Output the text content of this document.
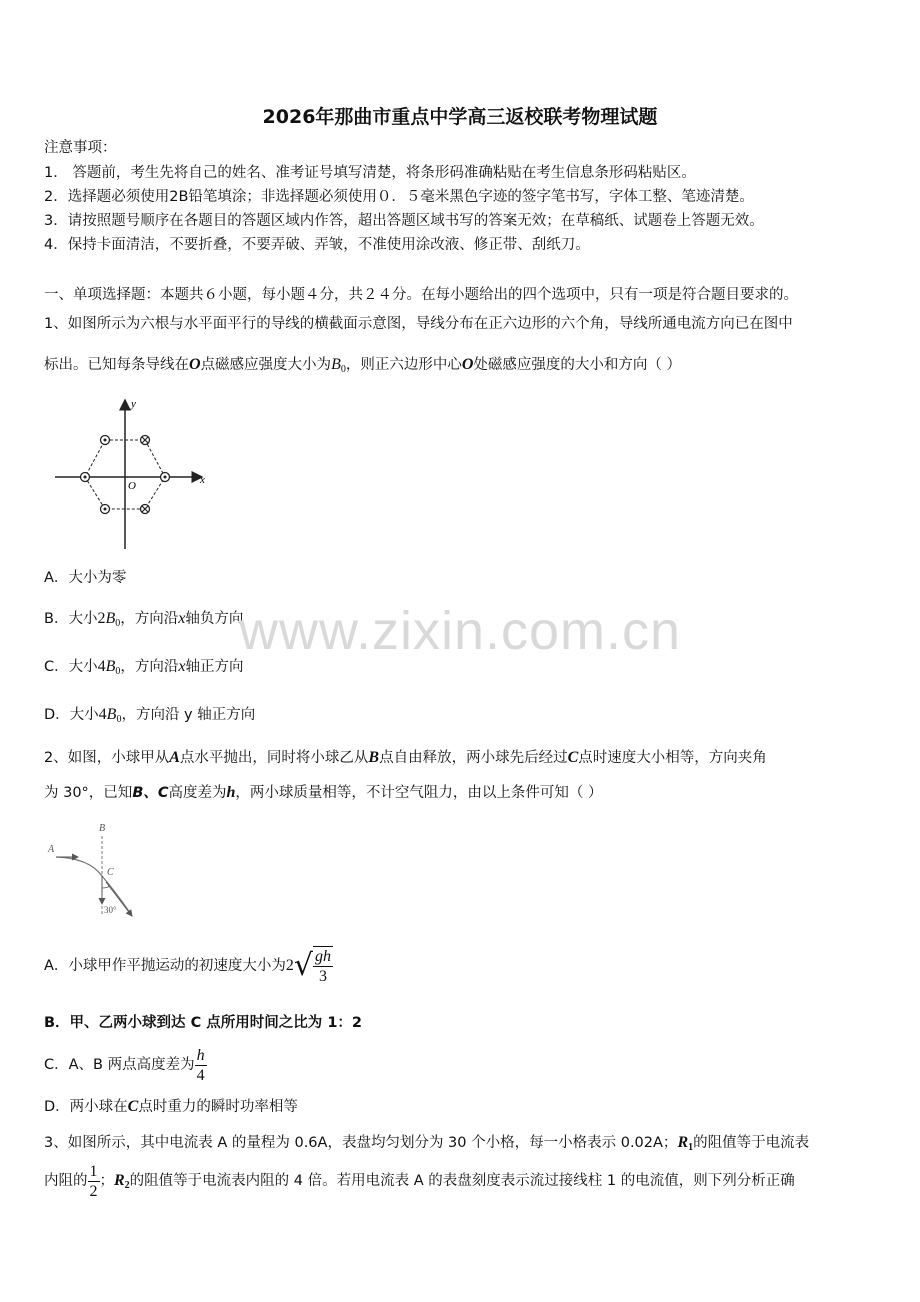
2026年那曲市重点中学高三返校联考物理试题
注意事项：
1． 答题前，考生先将自己的姓名、准考证号填写清楚，将条形码准确粘贴在考生信息条形码粘贴区。
2．选择题必须使用2B铅笔填涂；非选择题必须使用０．５毫米黑色字迹的签字笔书写，字体工整、笔迹清楚。
3．请按照题号顺序在各题目的答题区域内作答，超出答题区域书写的答案无效；在草稿纸、试题卷上答题无效。
4．保持卡面清洁，不要折叠，不要弄破、弄皱，不准使用涂改液、修正带、刮纸刀。
一、单项选择题：本题共６小题，每小题４分，共２４分。在每小题给出的四个选项中，只有一项是符合题目要求的。
1、如图所示为六根与水平面平行的导线的横截面示意图，导线分布在正六边形的六个角，导线所通电流方向已在图中
标出。已知每条导线在O点磁感应强度大小为$B_0$，则正六边形中心O处磁感应强度的大小和方向（ ）
y
x
O
A．大小为零
B．大小$2B_0$，方向沿x轴负方向
C．大小$4B_0$，方向沿x轴正方向
D．大小$4B_0$，方向沿 y 轴正方向
2、如图，小球甲从A点水平抛出，同时将小球乙从B点自由释放，两小球先后经过C点时速度大小相等，方向夹角
为 30°，已知B、C高度差为h，两小球质量相等，不计空气阻力，由以上条件可知（ ）
B
A
C
30°
A．小球甲作平抛运动的初速度大小为$2√ \frac{gh}{3}$
B．甲、乙两小球到达 C 点所用时间之比为 1：2
C．A、B 两点高度差为 $\frac{h}{4}$
D．两小球在C点时重力的瞬时功率相等
3、如图所示，其中电流表 A 的量程为 0.6A，表盘均匀划分为 30 个小格，每一小格表示 0.02A；$R_1$的阻值等于电流表
内阻的 $\frac{1}{2}$ ；$R_2$的阻值等于电流表内阻的 4 倍。若用电流表 A 的表盘刻度表示流过接线柱 1 的电流值，则下列分析正确
www.zixin.com.cn
